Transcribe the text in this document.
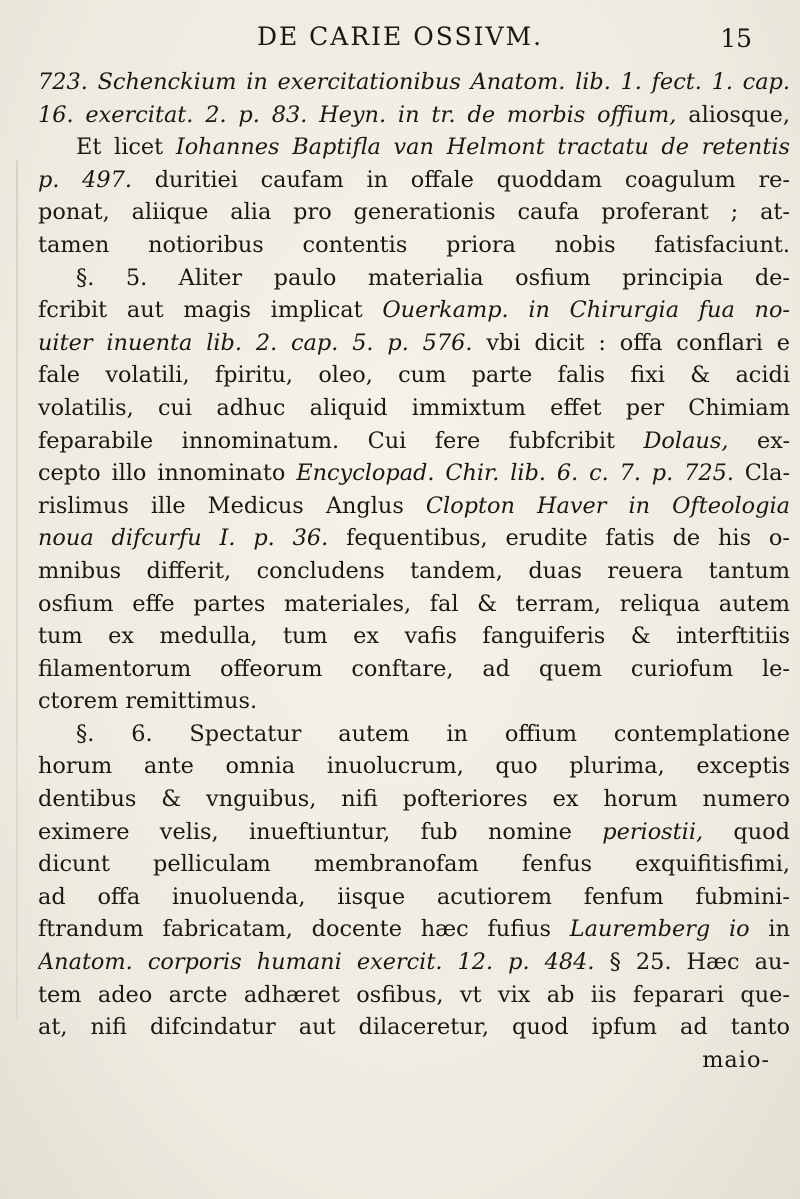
DE CARIE OSSIVM.	15
723. Schenckium in exercitationibus Anatom. lib. 1. fect. 1. cap.
16. exercitat. 2. p. 83. Heyn. in tr. de morbis offium, aliosque,
Et licet Iohannes Baptifla van Helmont tractatu de retentis
p. 497. duritiei caufam in offale quoddam coagulum re-
ponat, aliique alia pro generationis caufa proferant ; at-
tamen notioribus contentis priora nobis fatisfaciunt.
§. 5. Aliter paulo materialia osfium principia de-
fcribit aut magis implicat Ouerkamp. in Chirurgia fua no-
uiter inuenta lib. 2. cap. 5. p. 576. vbi dicit : offa conflari e
fale volatili, fpiritu, oleo, cum parte falis fixi & acidi
volatilis, cui adhuc aliquid immixtum effet per Chimiam
feparabile innominatum. Cui fere fubfcribit Dolaus, ex-
cepto illo innominato Encyclopad. Chir. lib. 6. c. 7. p. 725. Cla-
rislimus ille Medicus Anglus Clopton Haver in Ofteologia
noua difcurfu I. p. 36. fequentibus, erudite fatis de his o-
mnibus differit, concludens tandem, duas reuera tantum
osfium effe partes materiales, fal & terram, reliqua autem
tum ex medulla, tum ex vafis fanguiferis & interftitiis
filamentorum offeorum conftare, ad quem curiofum le-
ctorem remittimus.
§. 6. Spectatur autem in offium contemplatione
horum ante omnia inuolucrum, quo plurima, exceptis
dentibus & vnguibus, nifi pofteriores ex horum numero
eximere velis, inueftiuntur, fub nomine periostii, quod
dicunt pelliculam membranofam fenfus exquifitisfimi,
ad offa inuoluenda, iisque acutiorem fenfum fubmini-
ftrandum fabricatam, docente hæc fufius Lauremberg io in
Anatom. corporis humani exercit. 12. p. 484. § 25. Hæc au-
tem adeo arcte adhæret osfibus, vt vix ab iis feparari que-
at, nifi difcindatur aut dilaceretur, quod ipfum ad tanto
maio-
